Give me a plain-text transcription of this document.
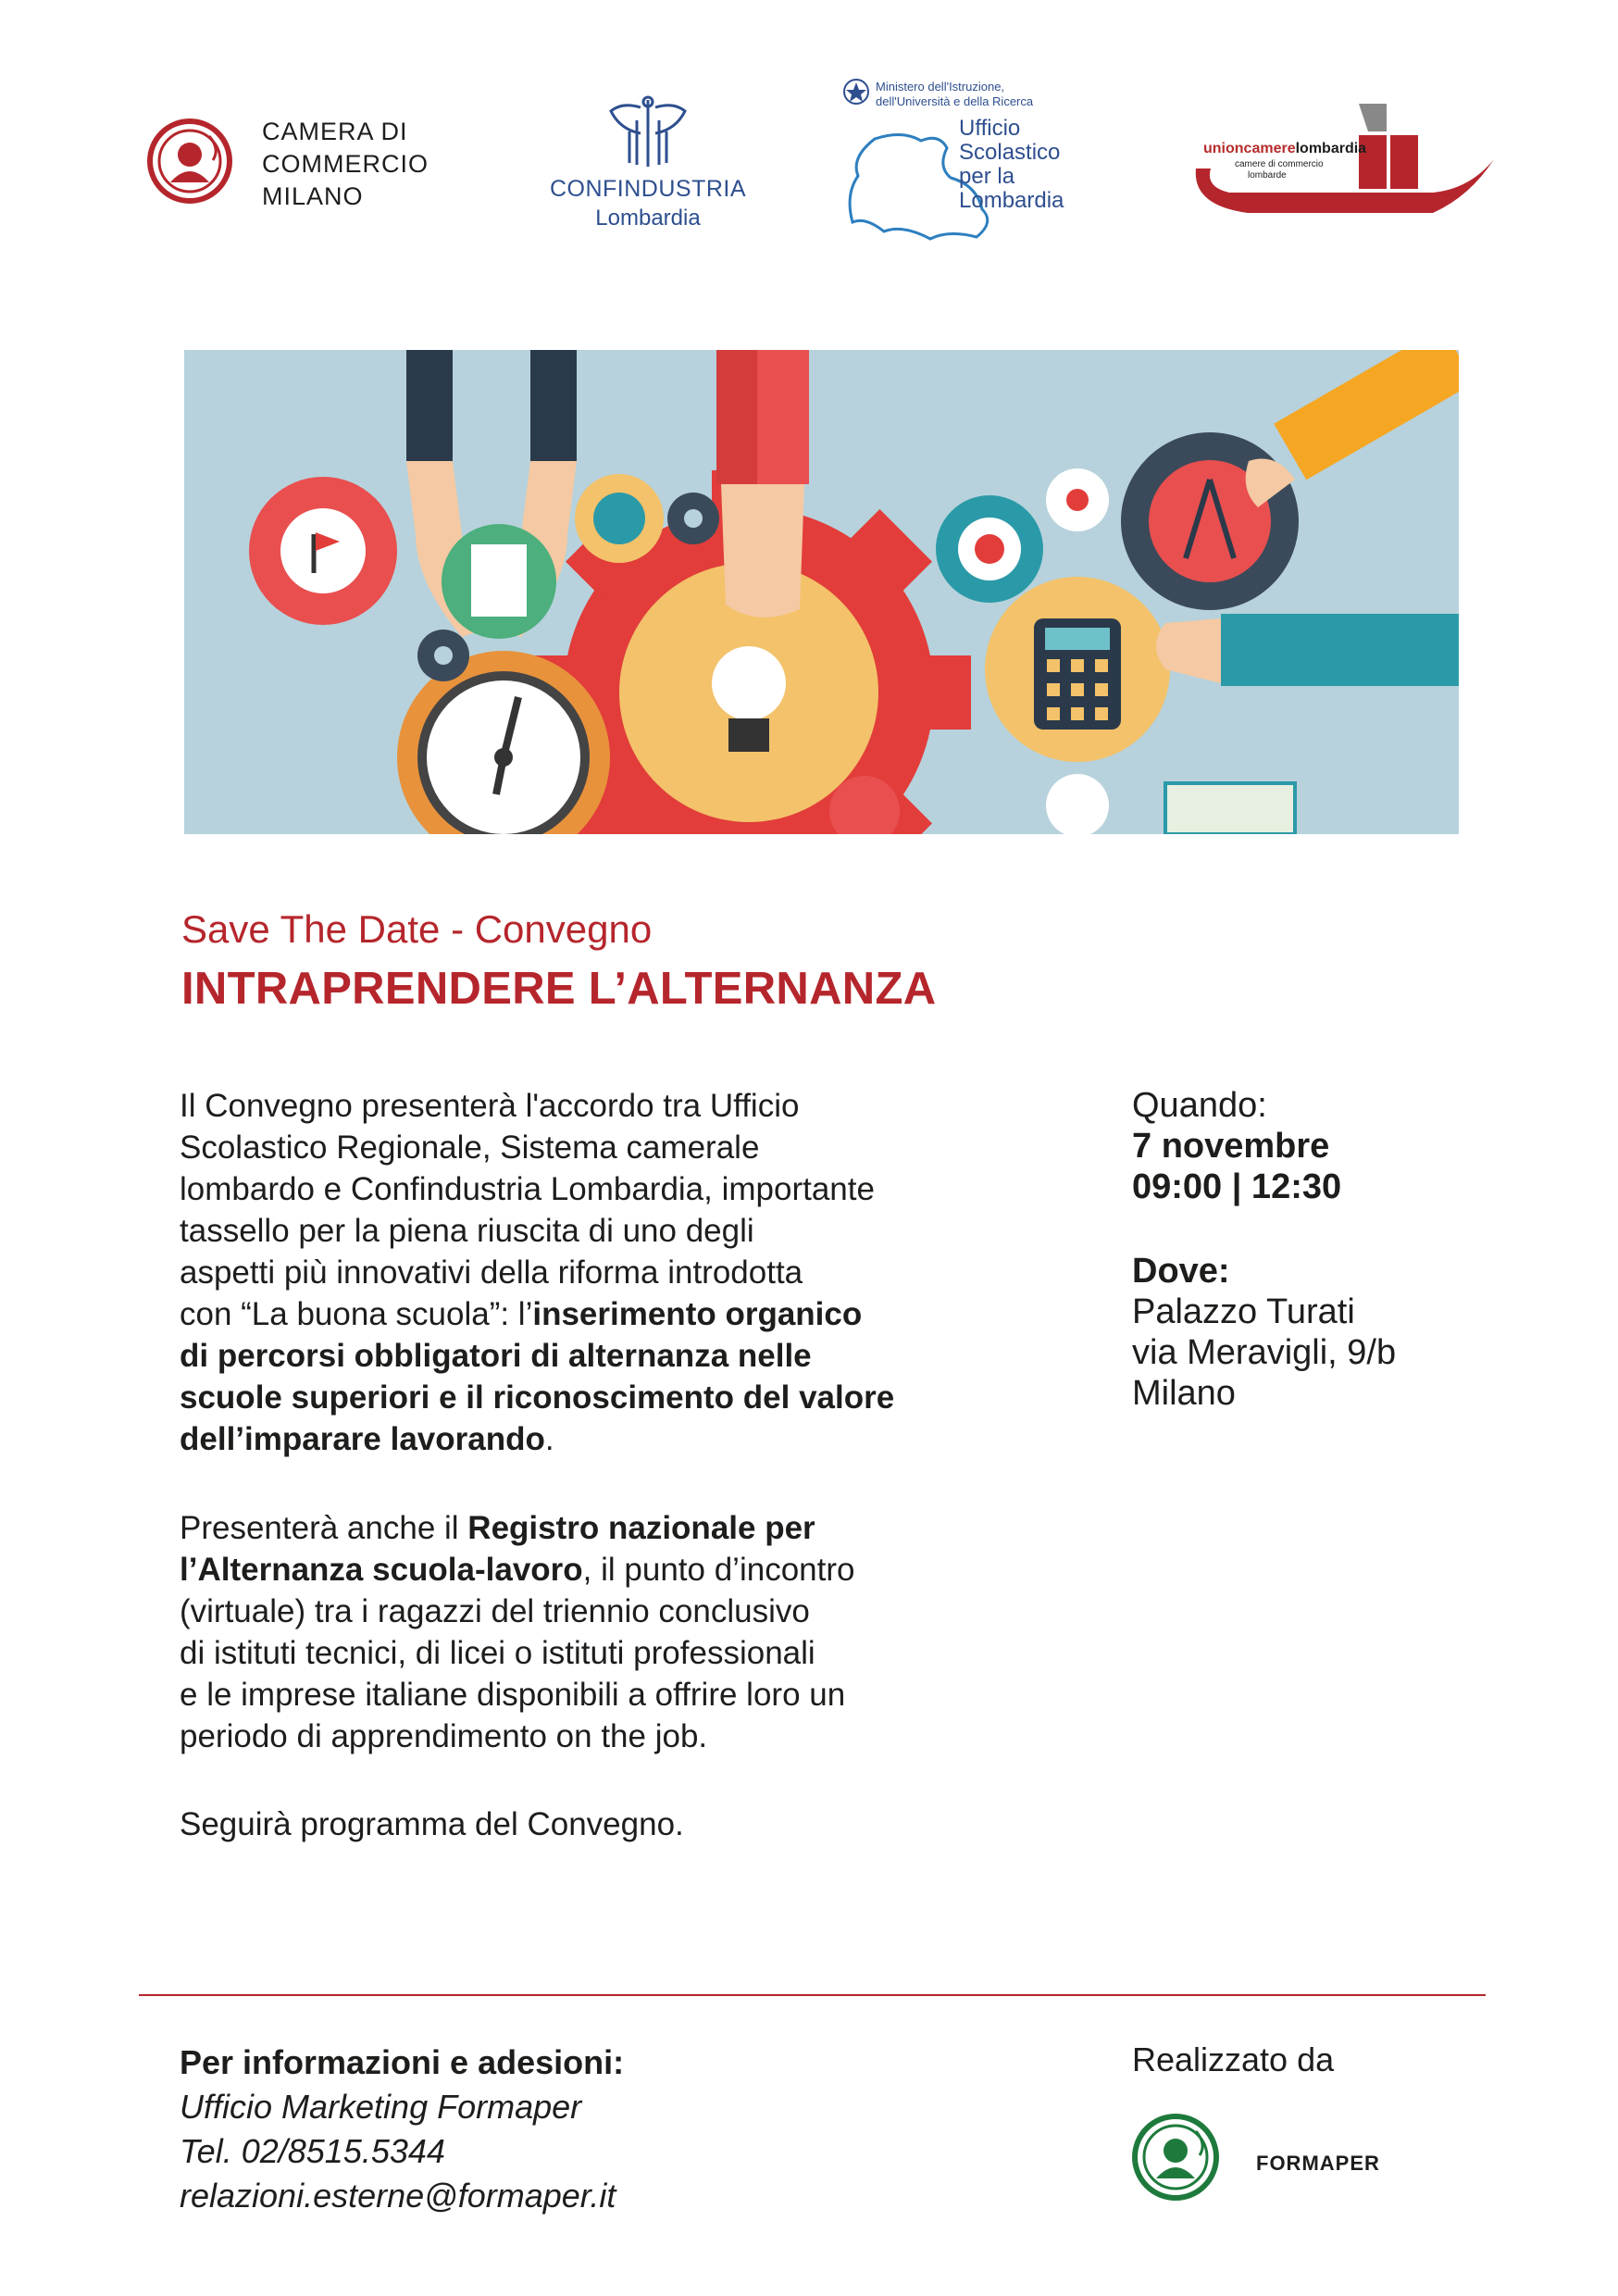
CAMERA DI
COMMERCIO
MILANO	CONFINDUSTRIA
Lombardia
Ministero dell'Istruzione,
dell'Università e della Ricerca
Ufficio
Scolastico
per la
Lombardia
unioncamerelombardia
camere di commercio
lombarde
Save The Date - Convegno
INTRAPRENDERE L’ALTERNANZA
Il Convegno presenterà l'accordo tra Ufficio
Scolastico Regionale, Sistema camerale
lombardo e Confindustria Lombardia, importante
tassello per la piena riuscita di uno degli
aspetti più innovativi della riforma introdotta
con “La buona scuola”: l’inserimento organico
di percorsi obbligatori di alternanza nelle
scuole superiori e il riconoscimento del valore
dell’imparare lavorando.
Presenterà anche il Registro nazionale per
l’Alternanza scuola-lavoro, il punto d’incontro
(virtuale) tra i ragazzi del triennio conclusivo
di istituti tecnici, di licei o istituti professionali
e le imprese italiane disponibili a offrire loro un
periodo di apprendimento on the job.
Seguirà programma del Convegno.
Quando:
7 novembre
09:00 | 12:30
Dove:
Palazzo Turati
via Meravigli, 9/b
Milano
Per informazioni e adesioni:
Ufficio Marketing Formaper
Tel. 02/8515.5344
relazioni.esterne@formaper.it
Realizzato da
FORMAPER
